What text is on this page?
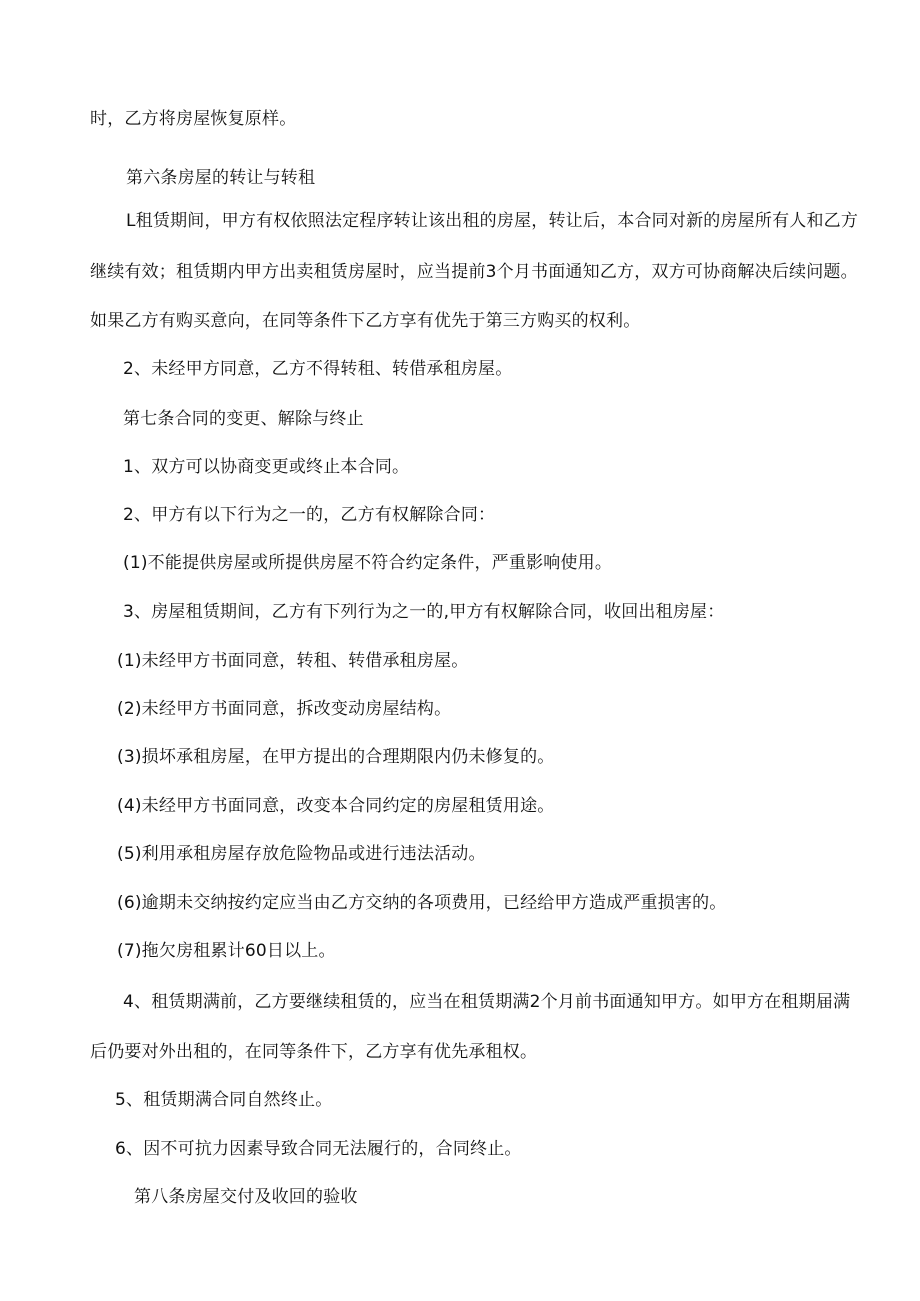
时，乙方将房屋恢复原样。

第六条房屋的转让与转租

L租赁期间，甲方有权依照法定程序转让该出租的房屋，转让后，本合同对新的房屋所有人和乙方

继续有效；租赁期内甲方出卖租赁房屋时，应当提前3个月书面通知乙方，双方可协商解决后续问题。

如果乙方有购买意向，在同等条件下乙方享有优先于第三方购买的权利。

2、未经甲方同意，乙方不得转租、转借承租房屋。

第七条合同的变更、解除与终止

1、双方可以协商变更或终止本合同。

2、甲方有以下行为之一的，乙方有权解除合同：

(1)不能提供房屋或所提供房屋不符合约定条件，严重影响使用。

3、房屋租赁期间，乙方有下列行为之一的,甲方有权解除合同，收回出租房屋：

(1)未经甲方书面同意，转租、转借承租房屋。

(2)未经甲方书面同意，拆改变动房屋结构。

(3)损坏承租房屋，在甲方提出的合理期限内仍未修复的。

(4)未经甲方书面同意，改变本合同约定的房屋租赁用途。

(5)利用承租房屋存放危险物品或进行违法活动。

(6)逾期未交纳按约定应当由乙方交纳的各项费用，已经给甲方造成严重损害的。

(7)拖欠房租累计60日以上。

4、租赁期满前，乙方要继续租赁的，应当在租赁期满2个月前书面通知甲方。如甲方在租期届满

后仍要对外出租的，在同等条件下，乙方享有优先承租权。

5、租赁期满合同自然终止。

6、因不可抗力因素导致合同无法履行的，合同终止。

第八条房屋交付及收回的验收
